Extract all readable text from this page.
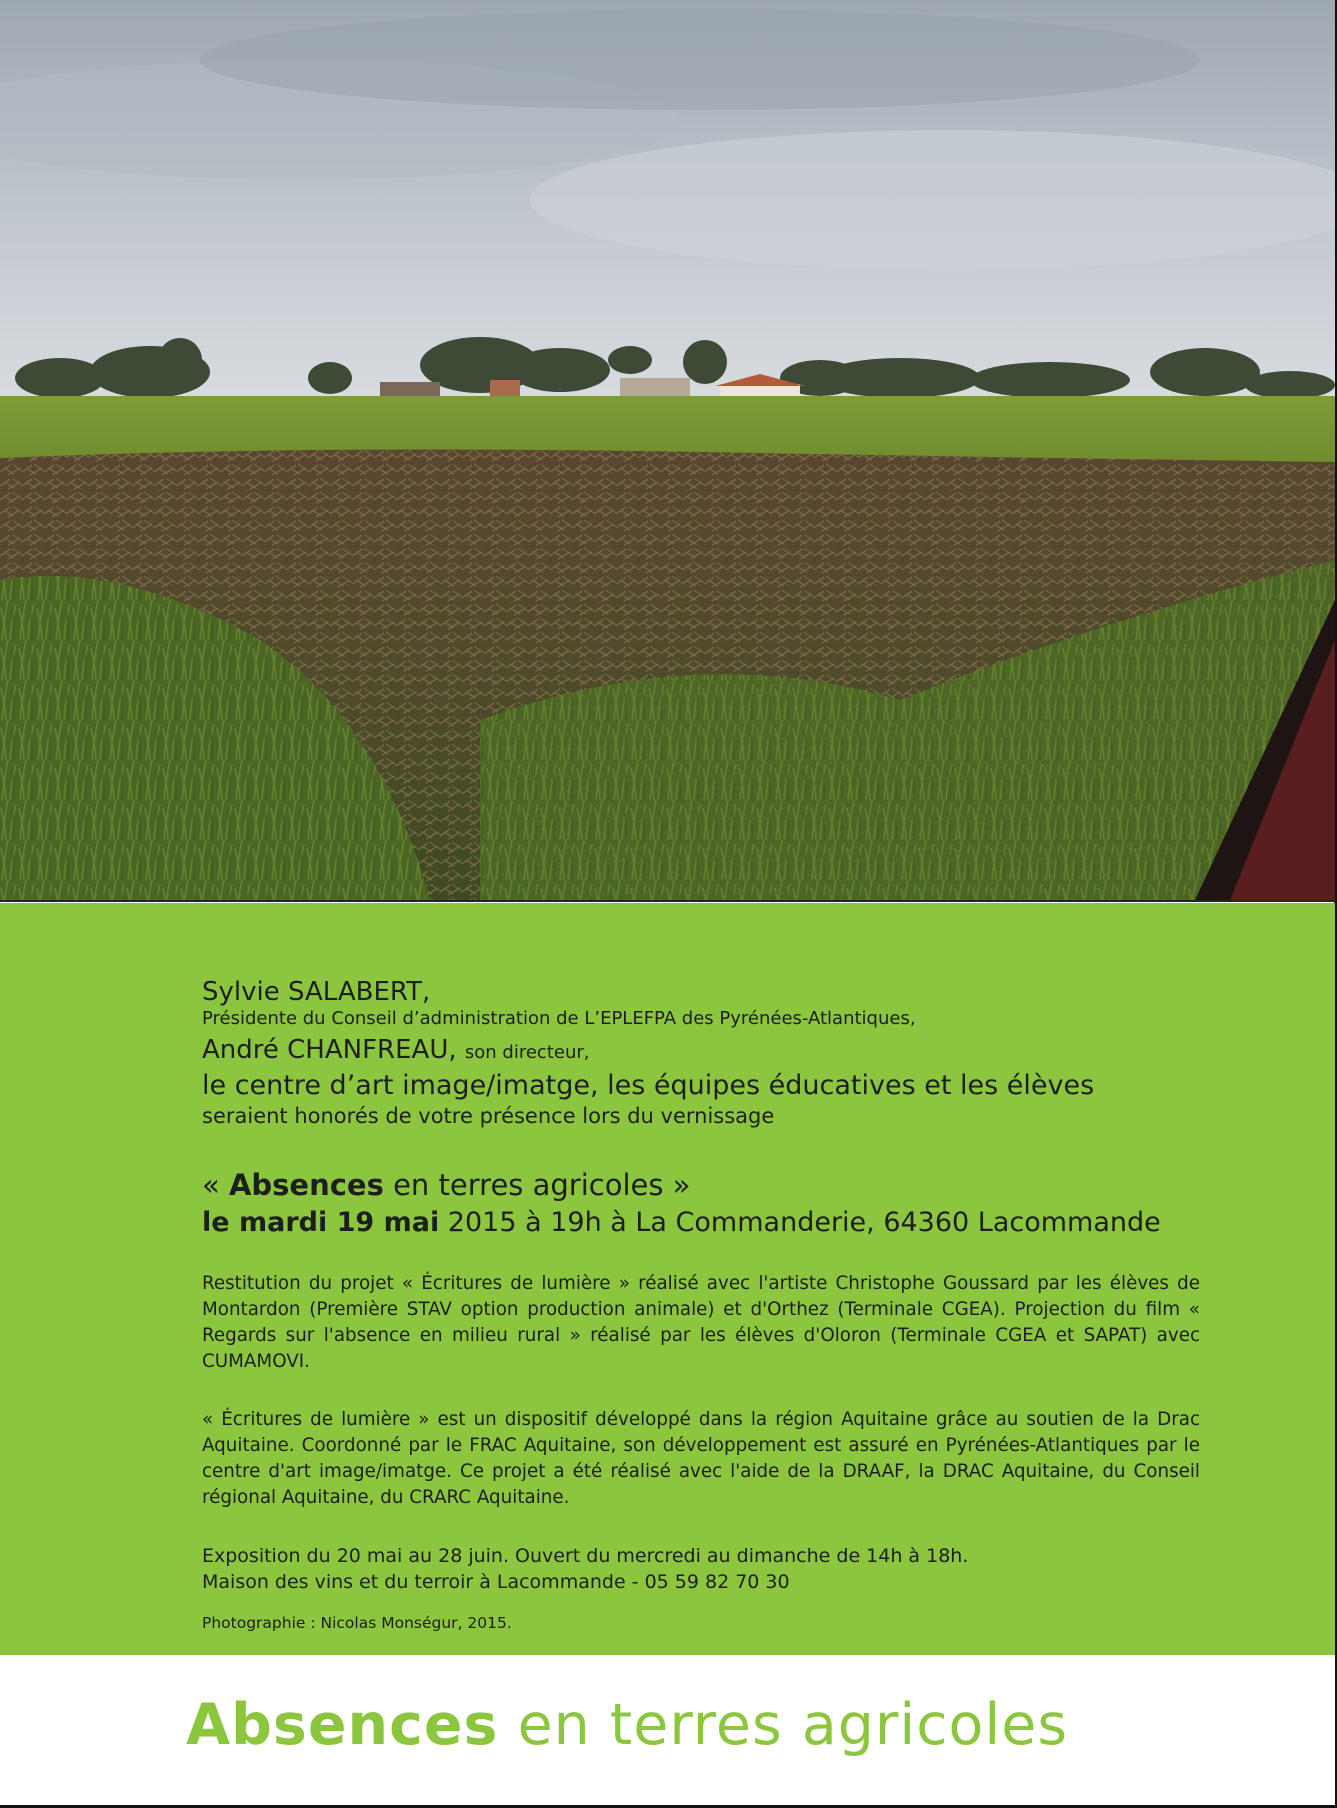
Sylvie SALABERT,

Présidente du Conseil d’administration de L’EPLEFPA des Pyrénées-Atlantiques,

André CHANFREAU, son directeur,

le centre d’art image/imatge, les équipes éducatives et les élèves

seraient honorés de votre présence lors du vernissage

« Absences en terres agricoles »

le mardi 19 mai 2015 à 19h à La Commanderie, 64360 Lacommande

Restitution du projet « Écritures de lumière » réalisé avec l'artiste Christophe Goussard par les élèves de Montardon (Première STAV option production animale) et d'Orthez (Terminale CGEA). Projection du film « Regards sur l'absence en milieu rural » réalisé par les élèves d'Oloron (Terminale CGEA et SAPAT) avec CUMAMOVI.

« Écritures de lumière » est un dispositif développé dans la région Aquitaine grâce au soutien de la Drac Aquitaine. Coordonné par le FRAC Aquitaine, son développement est assuré en Pyrénées-Atlantiques par le centre d'art image/imatge. Ce projet a été réalisé avec l'aide de la DRAAF, la DRAC Aquitaine, du Conseil régional Aquitaine, du CRARC Aquitaine.

Exposition du 20 mai au 28 juin. Ouvert du mercredi au dimanche de 14h à 18h.

Maison des vins et du terroir à Lacommande - 05 59 82 70 30

Photographie : Nicolas Monségur, 2015.

Absences en terres agricoles
